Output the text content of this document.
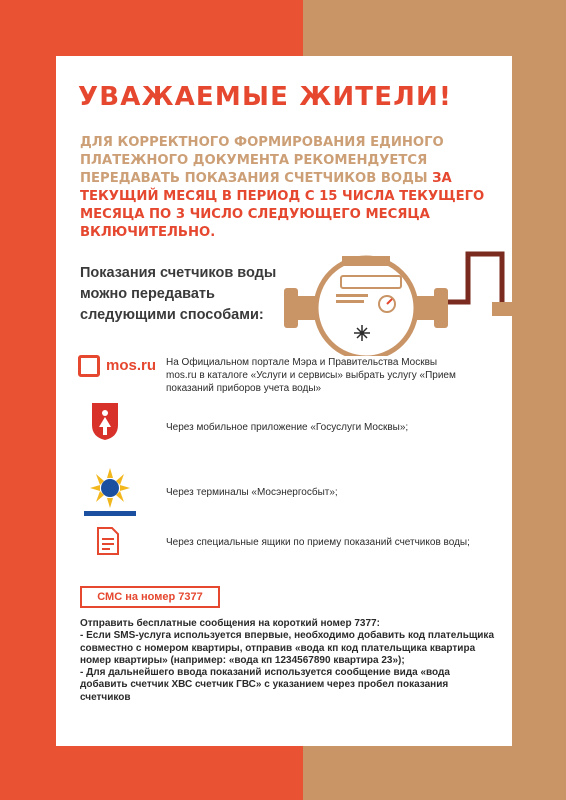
УВАЖАЕМЫЕ ЖИТЕЛИ!
ДЛЯ КОРРЕКТНОГО ФОРМИРОВАНИЯ ЕДИНОГО ПЛАТЕЖНОГО ДОКУМЕНТА РЕКОМЕНДУЕТСЯ ПЕРЕДАВАТЬ ПОКАЗАНИЯ СЧЕТЧИКОВ ВОДЫ ЗА ТЕКУЩИЙ МЕСЯЦ В ПЕРИОД С 15 ЧИСЛА ТЕКУЩЕГО МЕСЯЦА ПО 3 ЧИСЛО СЛЕДУЮЩЕГО МЕСЯЦА ВКЛЮЧИТЕЛЬНО.
Показания счетчиков воды можно передавать следующими способами:
mos.ru На Официальном портале Мэра и Правительства Москвы
mos.ru в каталоге «Услуги и сервисы» выбрать услугу «Прием показаний приборов учета воды»
Через мобильное приложение «Госуслуги Москвы»;
Через терминалы «Мосэнергосбыт»;
Через специальные ящики по приему показаний счетчиков воды;
СМС на номер 7377
Отправить бесплатные сообщения на короткий номер 7377:
- Если SMS-услуга используется впервые, необходимо добавить код плательщика совместно с номером квартиры, отправив «вода кп код плательщика квартира номер квартиры» (например: «вода кп 1234567890 квартира 23»);
- Для дальнейшего ввода показаний используется сообщение вида «вода добавить счетчик ХВС счетчик ГВС» с указанием через пробел показания счетчиков
